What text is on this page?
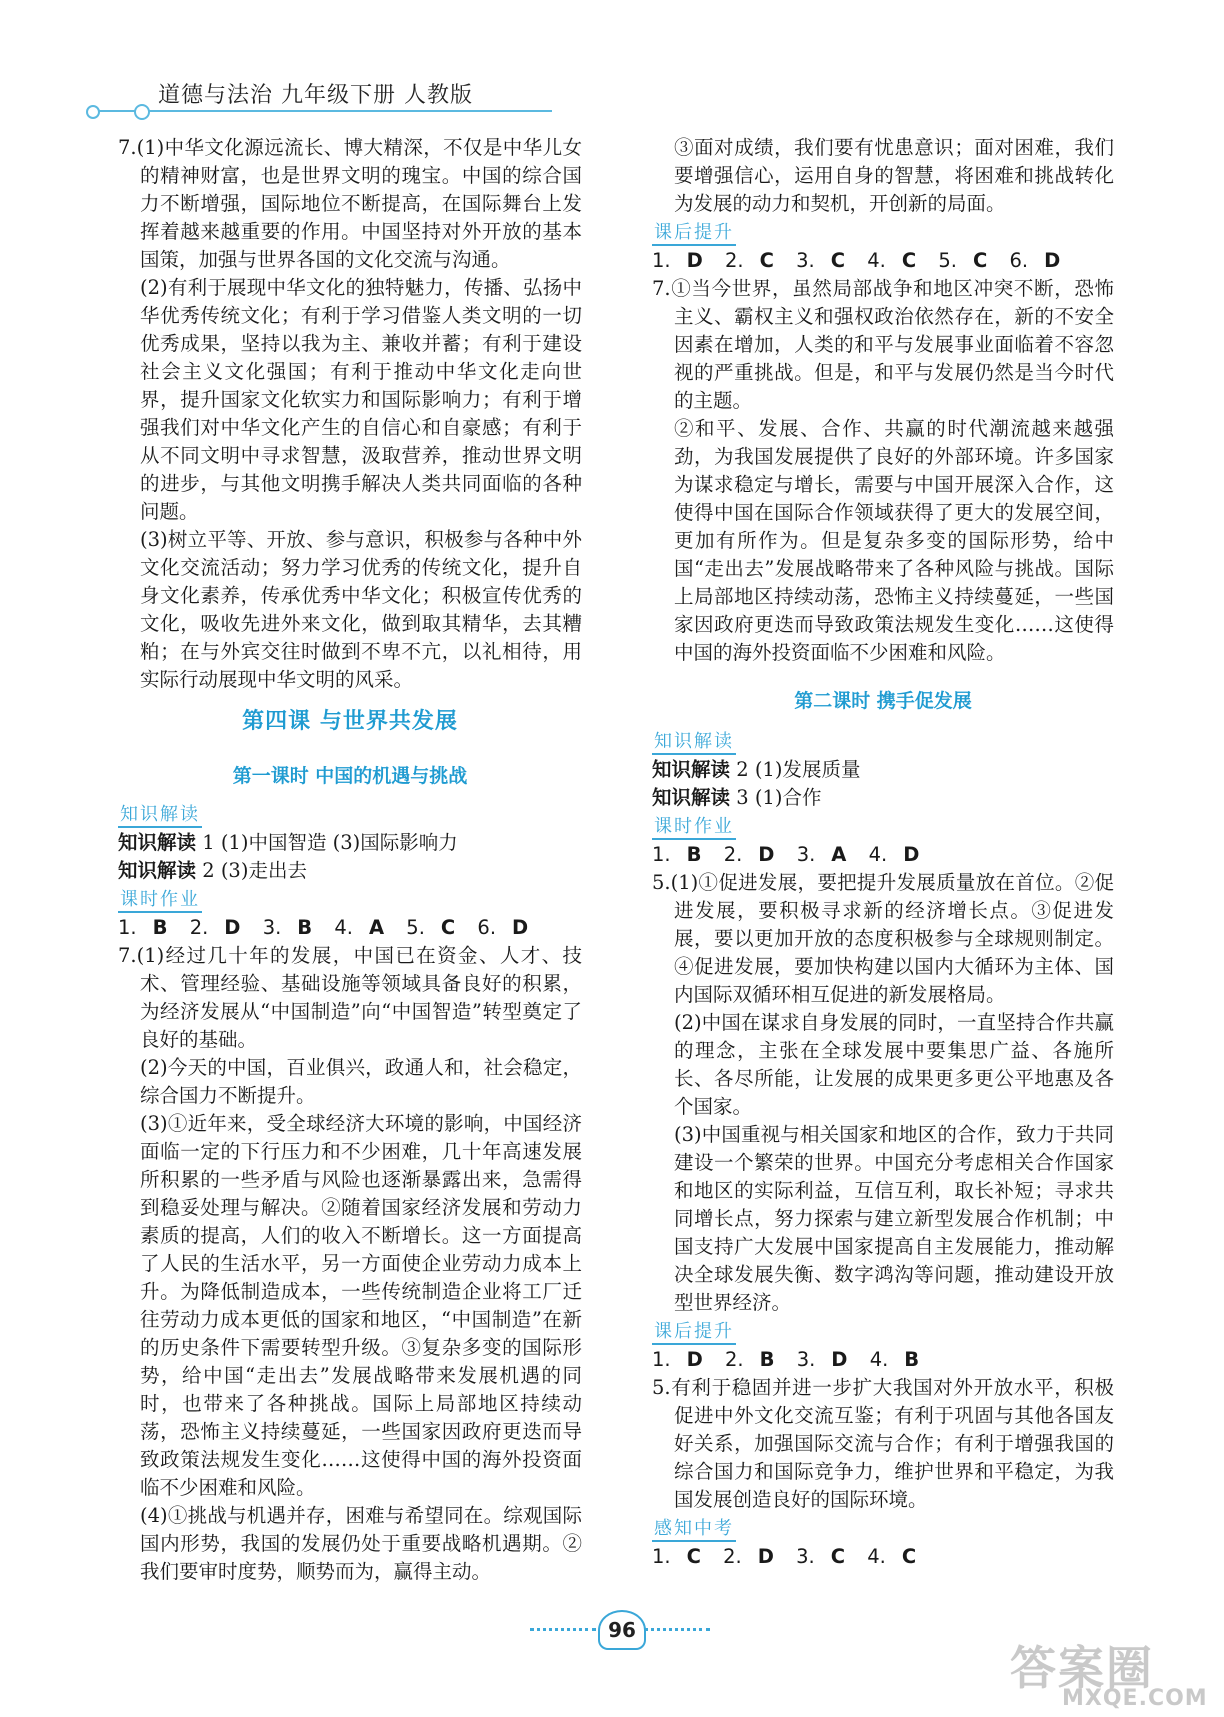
道德与法治 九年级下册 人教版

7.(1)中华文化源远流长、博大精深，不仅是中华儿女的精神财富，也是世界文明的瑰宝。中国的综合国力不断增强，国际地位不断提高，在国际舞台上发挥着越来越重要的作用。中国坚持对外开放的基本国策，加强与世界各国的文化交流与沟通。

(2)有利于展现中华文化的独特魅力，传播、弘扬中华优秀传统文化；有利于学习借鉴人类文明的一切优秀成果，坚持以我为主、兼收并蓄；有利于建设社会主义文化强国；有利于推动中华文化走向世界，提升国家文化软实力和国际影响力；有利于增强我们对中华文化产生的自信心和自豪感；有利于从不同文明中寻求智慧，汲取营养，推动世界文明的进步，与其他文明携手解决人类共同面临的各种问题。

(3)树立平等、开放、参与意识，积极参与各种中外文化交流活动；努力学习优秀的传统文化，提升自身文化素养，传承优秀中华文化；积极宣传优秀的文化，吸收先进外来文化，做到取其精华，去其糟粕；在与外宾交往时做到不卑不亢，以礼相待，用实际行动展现中华文明的风采。

第四课 与世界共发展

第一课时 中国的机遇与挑战

知识解读

知识解读 1 (1)中国智造 (3)国际影响力

知识解读 2 (3)走出去

课时作业

1. B 2. D 3. B 4. A 5. C 6. D

7.(1)经过几十年的发展，中国已在资金、人才、技术、管理经验、基础设施等领域具备良好的积累，为经济发展从“中国制造”向“中国智造”转型奠定了良好的基础。

(2)今天的中国，百业俱兴，政通人和，社会稳定，综合国力不断提升。

(3)①近年来，受全球经济大环境的影响，中国经济面临一定的下行压力和不少困难，几十年高速发展所积累的一些矛盾与风险也逐渐暴露出来，急需得到稳妥处理与解决。②随着国家经济发展和劳动力素质的提高，人们的收入不断增长。这一方面提高了人民的生活水平，另一方面使企业劳动力成本上升。为降低制造成本，一些传统制造企业将工厂迁往劳动力成本更低的国家和地区，“中国制造”在新的历史条件下需要转型升级。③复杂多变的国际形势，给中国“走出去”发展战略带来发展机遇的同时，也带来了各种挑战。国际上局部地区持续动荡，恐怖主义持续蔓延，一些国家因政府更迭而导致政策法规发生变化……这使得中国的海外投资面临不少困难和风险。

(4)①挑战与机遇并存，困难与希望同在。综观国际国内形势，我国的发展仍处于重要战略机遇期。②我们要审时度势，顺势而为，赢得主动。

③面对成绩，我们要有忧患意识；面对困难，我们要增强信心，运用自身的智慧，将困难和挑战转化为发展的动力和契机，开创新的局面。

课后提升

1. D 2. C 3. C 4. C 5. C 6. D

7.①当今世界，虽然局部战争和地区冲突不断，恐怖主义、霸权主义和强权政治依然存在，新的不安全因素在增加，人类的和平与发展事业面临着不容忽视的严重挑战。但是，和平与发展仍然是当今时代的主题。

②和平、发展、合作、共赢的时代潮流越来越强劲，为我国发展提供了良好的外部环境。许多国家为谋求稳定与增长，需要与中国开展深入合作，这使得中国在国际合作领域获得了更大的发展空间，更加有所作为。但是复杂多变的国际形势，给中国“走出去”发展战略带来了各种风险与挑战。国际上局部地区持续动荡，恐怖主义持续蔓延，一些国家因政府更迭而导致政策法规发生变化……这使得中国的海外投资面临不少困难和风险。

第二课时 携手促发展

知识解读

知识解读 2 (1)发展质量

知识解读 3 (1)合作

课时作业

1. B 2. D 3. A 4. D

5.(1)①促进发展，要把提升发展质量放在首位。②促进发展，要积极寻求新的经济增长点。③促进发展，要以更加开放的态度积极参与全球规则制定。④促进发展，要加快构建以国内大循环为主体、国内国际双循环相互促进的新发展格局。

(2)中国在谋求自身发展的同时，一直坚持合作共赢的理念，主张在全球发展中要集思广益、各施所长、各尽所能，让发展的成果更多更公平地惠及各个国家。

(3)中国重视与相关国家和地区的合作，致力于共同建设一个繁荣的世界。中国充分考虑相关合作国家和地区的实际利益，互信互利，取长补短；寻求共同增长点，努力探索与建立新型发展合作机制；中国支持广大发展中国家提高自主发展能力，推动解决全球发展失衡、数字鸿沟等问题，推动建设开放型世界经济。

课后提升

1. D 2. B 3. D 4. B

5.有利于稳固并进一步扩大我国对外开放水平，积极促进中外文化交流互鉴；有利于巩固与其他各国友好关系，加强国际交流与合作；有利于增强我国的综合国力和国际竞争力，维护世界和平稳定，为我国发展创造良好的国际环境。

感知中考

1. C 2. D 3. C 4. C

96
答案圈
MXQE.COM
